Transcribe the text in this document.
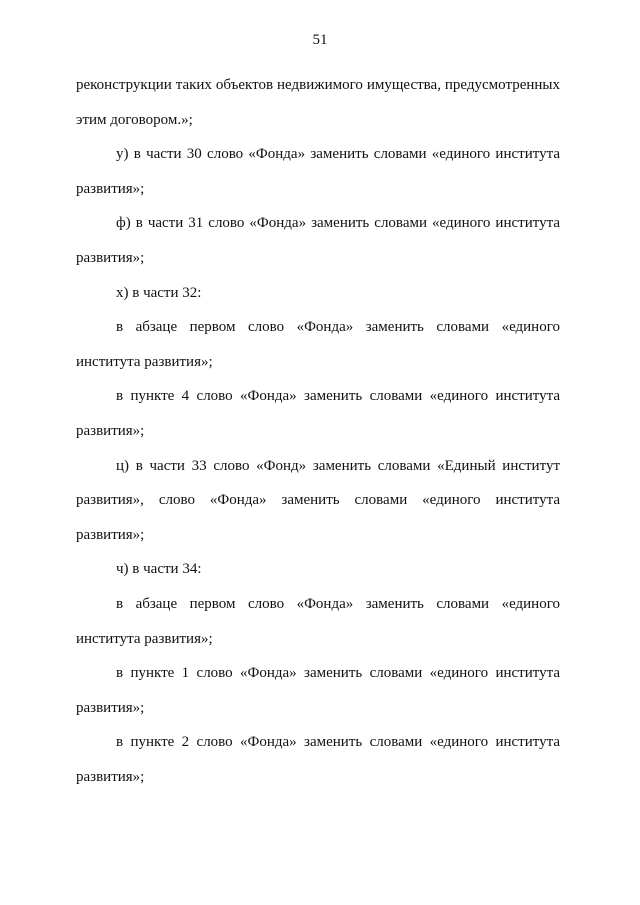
51
реконструкции таких объектов недвижимого имущества, предусмотренных
этим договором.»;
у) в части 30 слово «Фонда» заменить словами «единого института
развития»;
ф) в части 31 слово «Фонда» заменить словами «единого института
развития»;
х) в части 32:
в абзаце первом слово «Фонда» заменить словами «единого
института развития»;
в пункте 4 слово «Фонда» заменить словами «единого института
развития»;
ц) в части 33 слово «Фонд» заменить словами «Единый институт
развития», слово «Фонда» заменить словами «единого института
развития»;
ч) в части 34:
в абзаце первом слово «Фонда» заменить словами «единого
института развития»;
в пункте 1 слово «Фонда» заменить словами «единого института
развития»;
в пункте 2 слово «Фонда» заменить словами «единого института
развития»;
